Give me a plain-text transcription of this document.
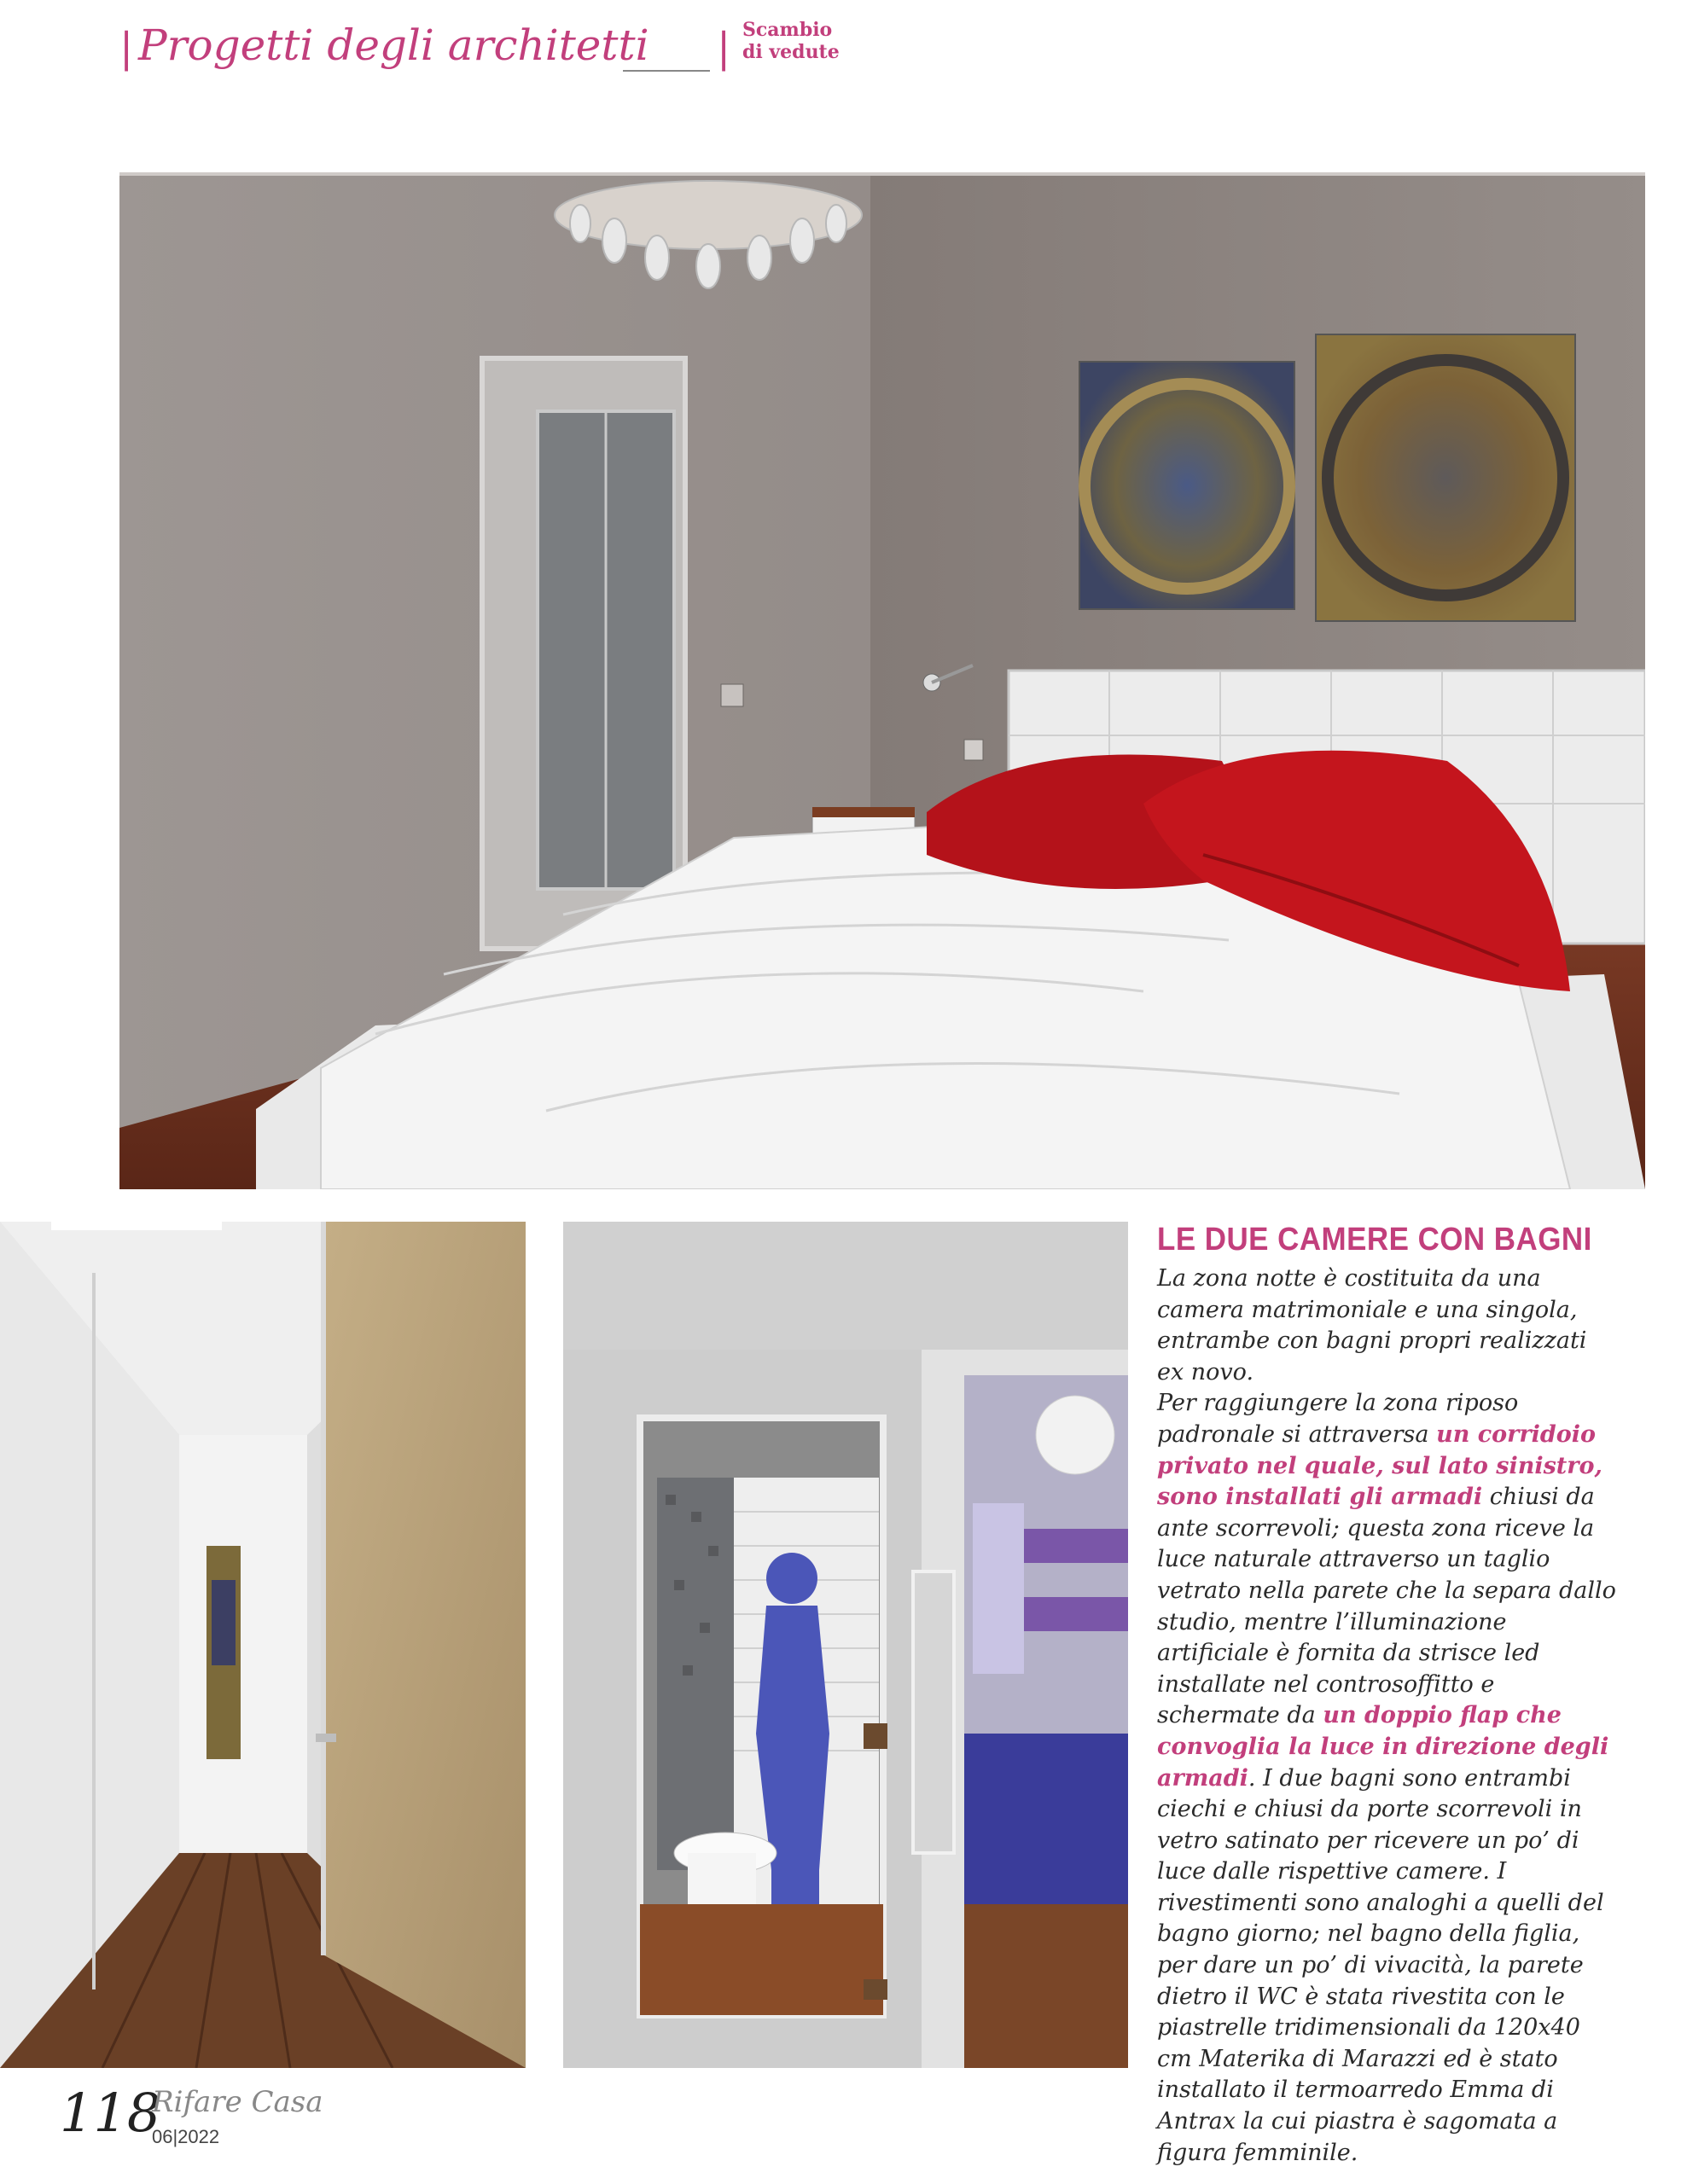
| Progetti degli architetti | Scambio
di vedute
LE DUE CAMERE CON BAGNI

La zona notte è costituita da una camera matrimoniale e una singola, entrambe con bagni propri realizzati ex novo.

Per raggiungere la zona riposo padronale si attraversa un corridoio privato nel quale, sul lato sinistro, sono installati gli armadi chiusi da ante scorrevoli; questa zona riceve la luce naturale attraverso un taglio vetrato nella parete che la separa dallo studio, mentre l’illuminazione artificiale è fornita da strisce led installate nel controsoffitto e schermate da un doppio flap che convoglia la luce in direzione degli armadi. I due bagni sono entrambi ciechi e chiusi da porte scorrevoli in vetro satinato per ricevere un po’ di luce dalle rispettive camere. I rivestimenti sono analoghi a quelli del bagno giorno; nel bagno della figlia, per dare un po’ di vivacità, la parete dietro il WC è stata rivestita con le piastrelle tridimensionali da 120x40 cm Materika di Marazzi ed è stato installato il termoarredo Emma di Antrax la cui piastra è sagomata a figura femminile.

118
Rifare Casa
06|2022
